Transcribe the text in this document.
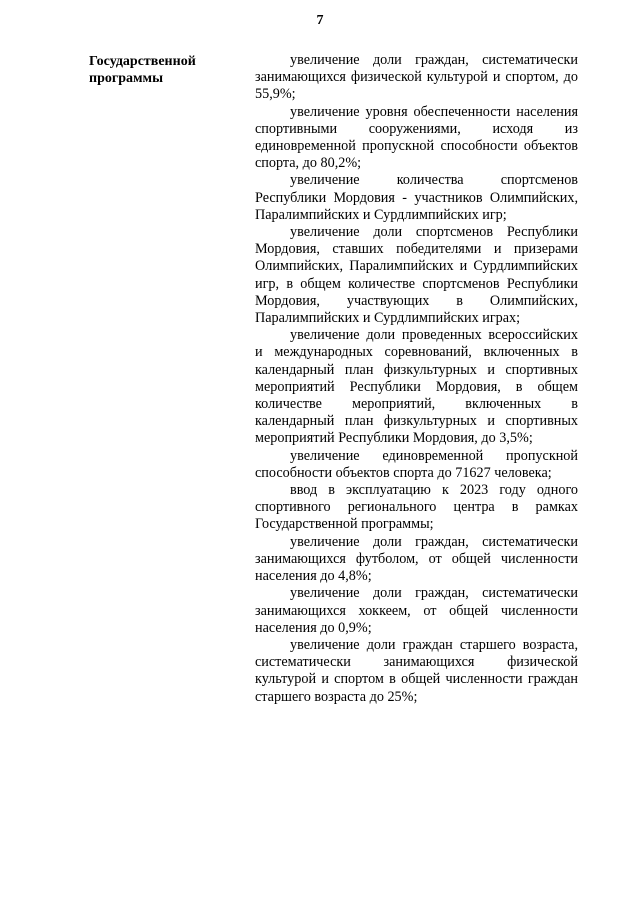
7
Государственной
программы

увеличение доли граждан, систематически занимающихся физической культурой и спортом, до 55,9%;

увеличение уровня обеспеченности населения спортивными сооружениями, исходя из единовременной пропускной способности объектов спорта, до 80,2%;

увеличение количества спортсменов Республики Мордовия - участников Олимпийских, Паралимпийских и Сурдлимпийских игр;

увеличение доли спортсменов Республики Мордовия, ставших победителями и призерами Олимпийских, Паралимпийских и Сурдлимпийских игр, в общем количестве спортсменов Республики Мордовия, участвующих в Олимпийских, Паралимпийских и Сурдлимпийских играх;

увеличение доли проведенных всероссийских и международных соревнований, включенных в календарный план физкультурных и спортивных мероприятий Республики Мордовия, в общем количестве мероприятий, включенных в календарный план физкультурных и спортивных мероприятий Республики Мордовия, до 3,5%;

увеличение единовременной пропускной способности объектов спорта до 71627 человека;

ввод в эксплуатацию к 2023 году одного спортивного регионального центра в рамках Государственной программы;

увеличение доли граждан, систематически занимающихся футболом, от общей численности населения до 4,8%;

увеличение доли граждан, систематически занимающихся хоккеем, от общей численности населения до 0,9%;

увеличение доли граждан старшего возраста, систематически занимающихся физической культурой и спортом в общей численности граждан старшего возраста до 25%;
